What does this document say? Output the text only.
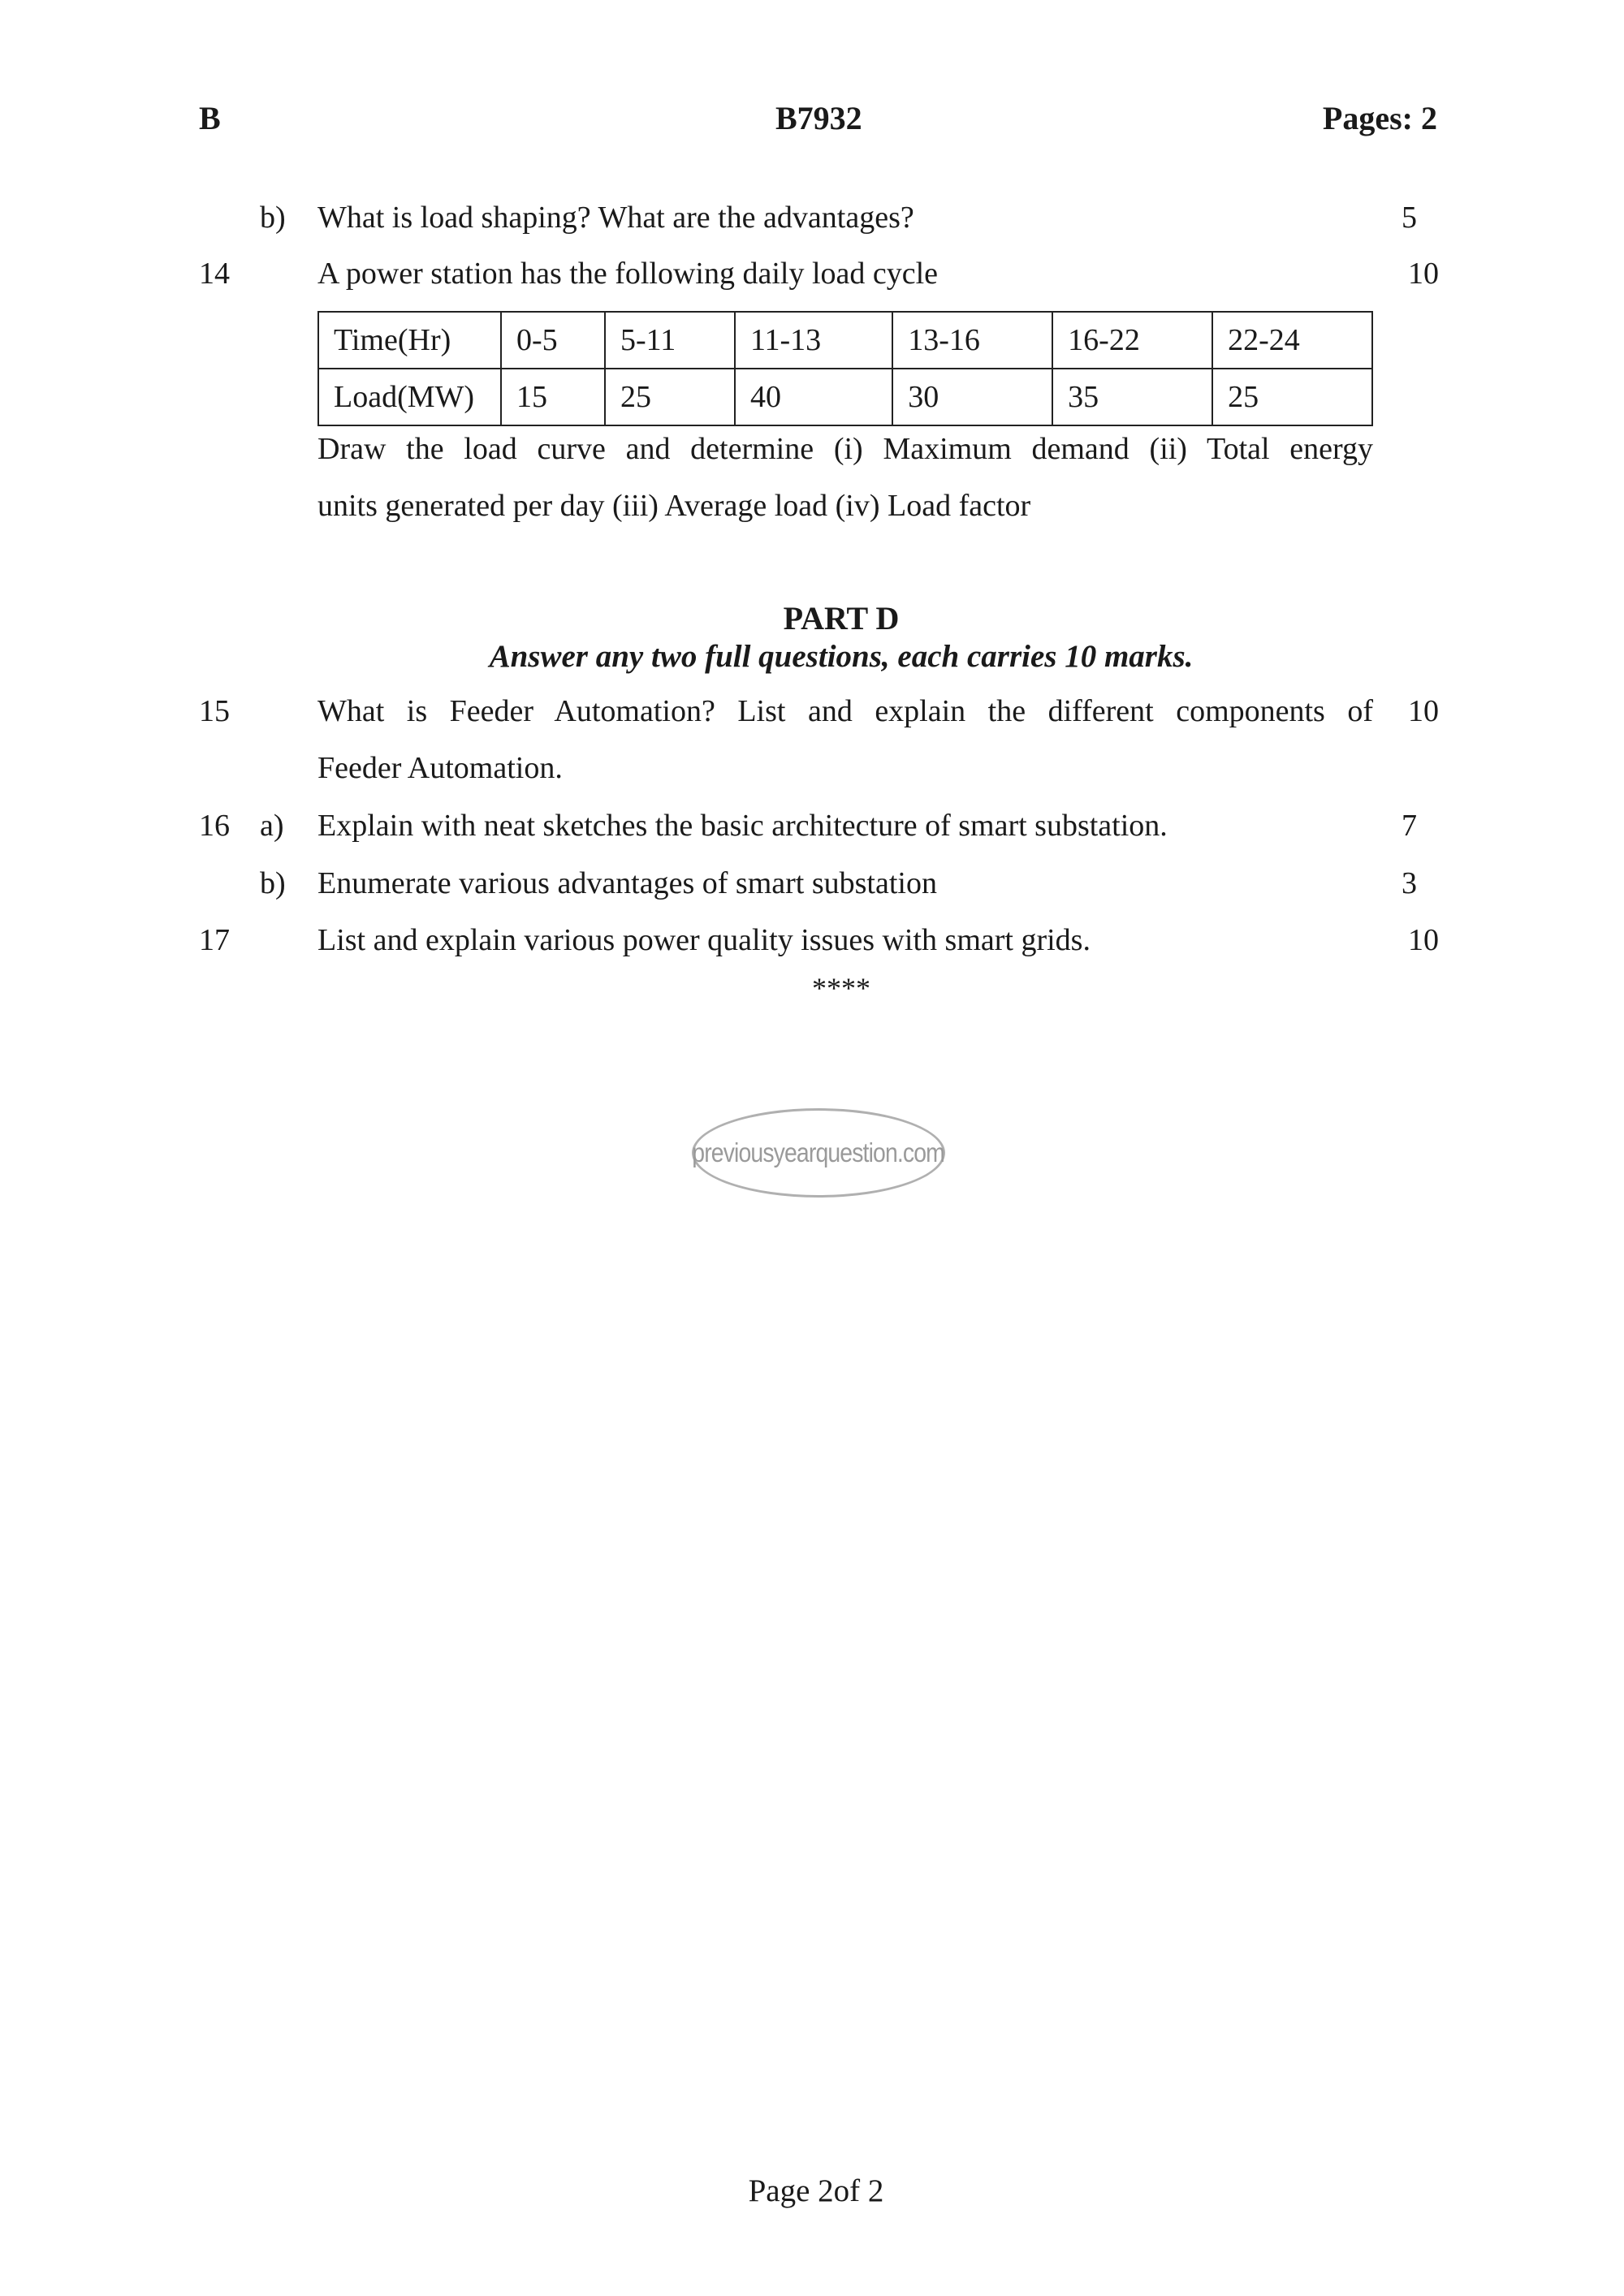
B	B7932	Pages: 2
b) What is load shaping? What are the advantages?	5
14	A power station has the following daily load cycle	10
Time(Hr)	0-5	5-11	11-13	13-16	16-22	22-24
Load(MW)	15	25	40	30	35	25
Draw the load curve and determine (i) Maximum demand (ii) Total energy
units generated per day (iii) Average load (iv) Load factor
PART D
Answer any two full questions, each carries 10 marks.
15	What is Feeder Automation? List and explain the different components of 10
Feeder Automation.
16 a) Explain with neat sketches the basic architecture of smart substation.	7
b) Enumerate various advantages of smart substation	3
17	List and explain various power quality issues with smart grids.	10
****
previousyearquestion.com
Page 2of 2
